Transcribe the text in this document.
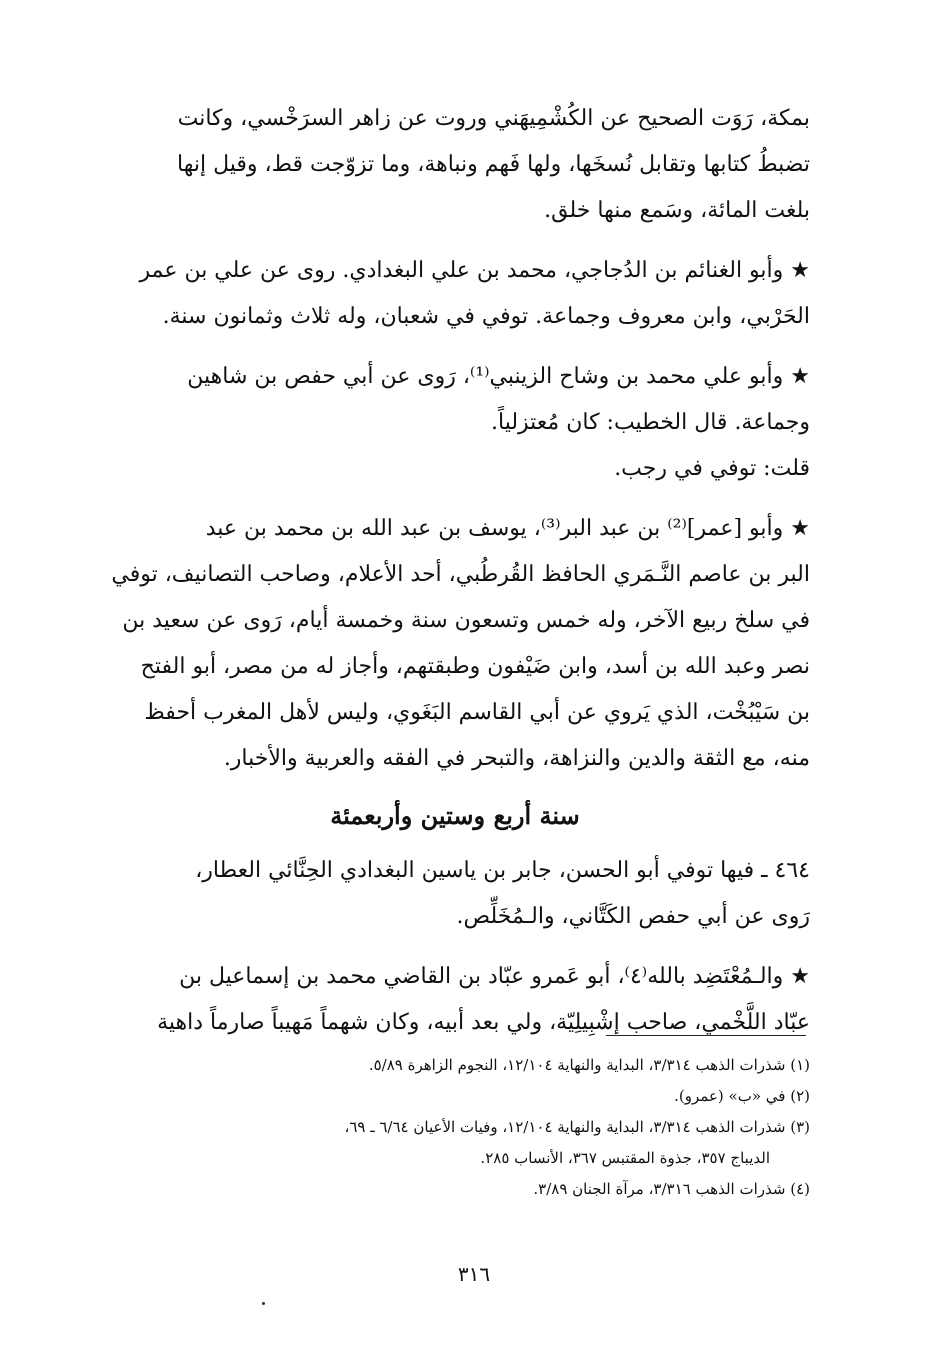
بمكة، رَوَت الصحيح عن الكُشْمِيهَني وروت عن زاهر السرَخْسي، وكانت
تضبطُ كتابها وتقابل نُسخَها، ولها فَهم ونباهة، وما تزوّجت قط، وقيل إنها
بلغت المائة، وسَمع منها خلق.
★ وأبو الغنائم بن الدُجاجي، محمد بن علي البغدادي. روى عن علي بن عمر
الحَرْبي، وابن معروف وجماعة. توفي في شعبان، وله ثلاث وثمانون سنة.
★ وأبو علي محمد بن وشاح الزينبي⁽¹⁾، رَوى عن أبي حفص بن شاهين
وجماعة. قال الخطيب: كان مُعتزلياً.
قلت: توفي في رجب.
★ وأبو [عمر]⁽²⁾ بن عبد البر⁽³⁾، يوسف بن عبد الله بن محمد بن عبد
البر بن عاصم النَّـمَري الحافظ القُرطُبي، أحد الأعلام، وصاحب التصانيف، توفي
في سلخ ربيع الآخر، وله خمس وتسعون سنة وخمسة أيام، رَوى عن سعيد بن
نصر وعبد الله بن أسد، وابن ضَيْفون وطبقتهم، وأجاز له من مصر، أبو الفتح
بن سَيْبُخْت، الذي يَروي عن أبي القاسم البَغَوي، وليس لأهل المغرب أحفظ
منه، مع الثقة والدين والنزاهة، والتبحر في الفقه والعربية والأخبار.
سنة أربع وستين وأربعمئة
٤٦٤ ـ فيها توفي أبو الحسن، جابر بن ياسين البغدادي الحِنَّائي العطار،
رَوى عن أبي حفص الكَتَّاني، والـمُخَلِّص.
★ والـمُعْتَضِد بالله⁽٤⁾، أبو عَمرو عبّاد بن القاضي محمد بن إسماعيل بن
عبّاد اللَّخْمي، صاحب إشْبِيلِيّة، ولي بعد أبيه، وكان شهماً مَهيباً صارماً داهية
(١) شذرات الذهب ٣/٣١٤، البداية والنهاية ١٢/١٠٤، النجوم الزاهرة ٥/٨٩.
(٢) في «ب» (عمرو).
(٣) شذرات الذهب ٣/٣١٤، البداية والنهاية ١٢/١٠٤، وفيات الأعيان ٦/٦٤ ـ ٦٩،
الديباج ٣٥٧، جذوة المقتبس ٣٦٧، الأنساب ٢٨٥.
(٤) شذرات الذهب ٣/٣١٦، مرآة الجنان ٣/٨٩.
٣١٦
